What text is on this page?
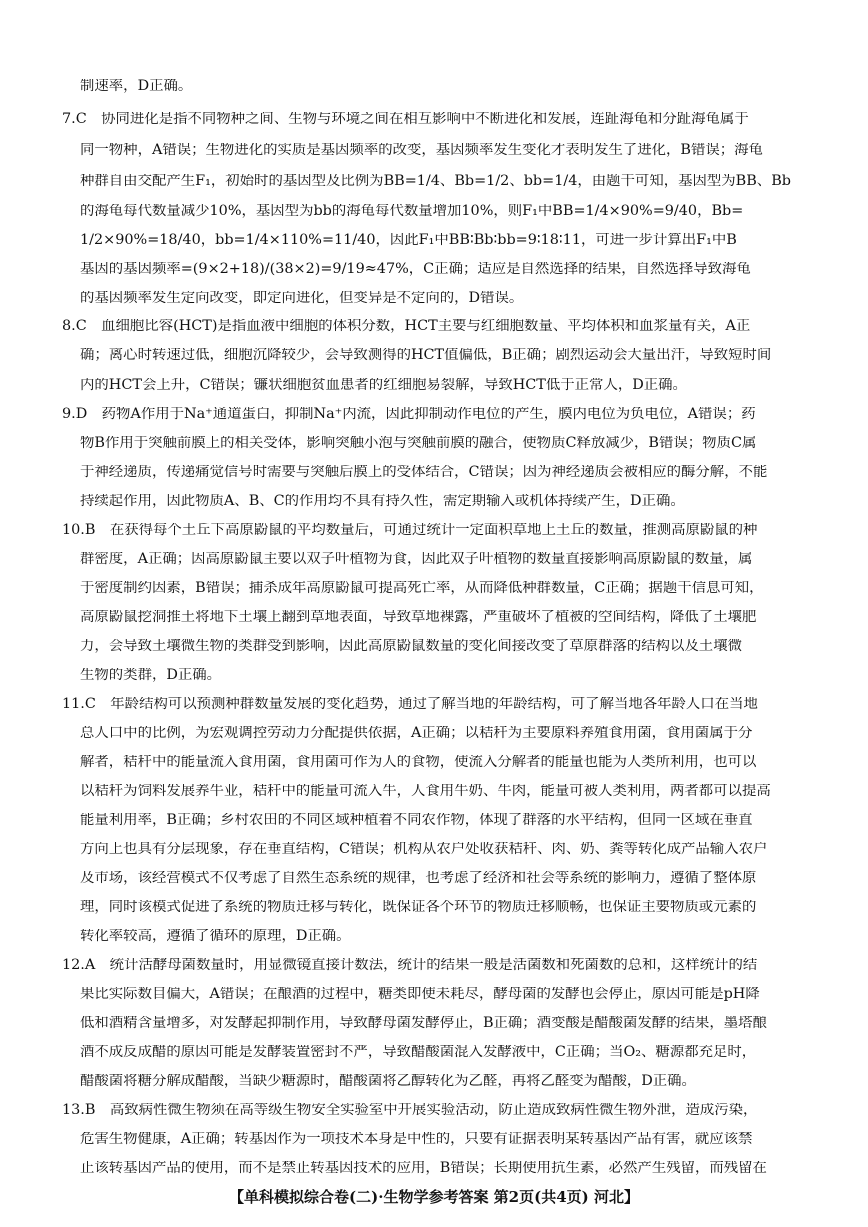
制速率，D正确。
7.C　协同进化是指不同物种之间、生物与环境之间在相互影响中不断进化和发展，连趾海龟和分趾海龟属于
同一物种，A错误；生物进化的实质是基因频率的改变，基因频率发生变化才表明发生了进化，B错误；海龟
种群自由交配产生F₁，初始时的基因型及比例为BB=1/4、Bb=1/2、bb=1/4，由题干可知，基因型为BB、Bb
的海龟每代数量减少10%，基因型为bb的海龟每代数量增加10%，则F₁中BB=1/4×90%=9/40，Bb=
1/2×90%=18/40，bb=1/4×110%=11/40，因此F₁中BB∶Bb∶bb=9∶18∶11，可进一步计算出F₁中B
基因的基因频率=(9×2+18)/(38×2)=9/19≈47%，C正确；适应是自然选择的结果，自然选择导致海龟
的基因频率发生定向改变，即定向进化，但变异是不定向的，D错误。
8.C　血细胞比容(HCT)是指血液中细胞的体积分数，HCT主要与红细胞数量、平均体积和血浆量有关，A正
确；离心时转速过低，细胞沉降较少，会导致测得的HCT值偏低，B正确；剧烈运动会大量出汗，导致短时间
内的HCT会上升，C错误；镰状细胞贫血患者的红细胞易裂解，导致HCT低于正常人，D正确。
9.D　药物A作用于Na⁺通道蛋白，抑制Na⁺内流，因此抑制动作电位的产生，膜内电位为负电位，A错误；药
物B作用于突触前膜上的相关受体，影响突触小泡与突触前膜的融合，使物质C释放减少，B错误；物质C属
于神经递质，传递痛觉信号时需要与突触后膜上的受体结合，C错误；因为神经递质会被相应的酶分解，不能
持续起作用，因此物质A、B、C的作用均不具有持久性，需定期输入或机体持续产生，D正确。
10.B　在获得每个土丘下高原鼢鼠的平均数量后，可通过统计一定面积草地上土丘的数量，推测高原鼢鼠的种
群密度，A正确；因高原鼢鼠主要以双子叶植物为食，因此双子叶植物的数量直接影响高原鼢鼠的数量，属
于密度制约因素，B错误；捕杀成年高原鼢鼠可提高死亡率，从而降低种群数量，C正确；据题干信息可知，
高原鼢鼠挖洞推土将地下土壤上翻到草地表面，导致草地裸露，严重破坏了植被的空间结构，降低了土壤肥
力，会导致土壤微生物的类群受到影响，因此高原鼢鼠数量的变化间接改变了草原群落的结构以及土壤微
生物的类群，D正确。
11.C　年龄结构可以预测种群数量发展的变化趋势，通过了解当地的年龄结构，可了解当地各年龄人口在当地
总人口中的比例，为宏观调控劳动力分配提供依据，A正确；以秸秆为主要原料养殖食用菌，食用菌属于分
解者，秸秆中的能量流入食用菌，食用菌可作为人的食物，使流入分解者的能量也能为人类所利用，也可以
以秸秆为饲料发展养牛业，秸秆中的能量可流入牛，人食用牛奶、牛肉，能量可被人类利用，两者都可以提高
能量利用率，B正确；乡村农田的不同区域种植着不同农作物，体现了群落的水平结构，但同一区域在垂直
方向上也具有分层现象，存在垂直结构，C错误；机构从农户处收获秸秆、肉、奶、粪等转化成产品输入农户
及市场，该经营模式不仅考虑了自然生态系统的规律，也考虑了经济和社会等系统的影响力，遵循了整体原
理，同时该模式促进了系统的物质迁移与转化，既保证各个环节的物质迁移顺畅，也保证主要物质或元素的
转化率较高，遵循了循环的原理，D正确。
12.A　统计活酵母菌数量时，用显微镜直接计数法，统计的结果一般是活菌数和死菌数的总和，这样统计的结
果比实际数目偏大，A错误；在酿酒的过程中，糖类即使未耗尽，酵母菌的发酵也会停止，原因可能是pH降
低和酒精含量增多，对发酵起抑制作用，导致酵母菌发酵停止，B正确；酒变酸是醋酸菌发酵的结果，墨塔酿
酒不成反成醋的原因可能是发酵装置密封不严，导致醋酸菌混入发酵液中，C正确；当O₂、糖源都充足时，
醋酸菌将糖分解成醋酸，当缺少糖源时，醋酸菌将乙醇转化为乙醛，再将乙醛变为醋酸，D正确。
13.B　高致病性微生物须在高等级生物安全实验室中开展实验活动，防止造成致病性微生物外泄，造成污染，
危害生物健康，A正确；转基因作为一项技术本身是中性的，只要有证据表明某转基因产品有害，就应该禁
止该转基因产品的使用，而不是禁止转基因技术的应用，B错误；长期使用抗生素，必然产生残留，而残留在
【单科模拟综合卷(二)·生物学参考答案 第2页(共4页) 河北】
